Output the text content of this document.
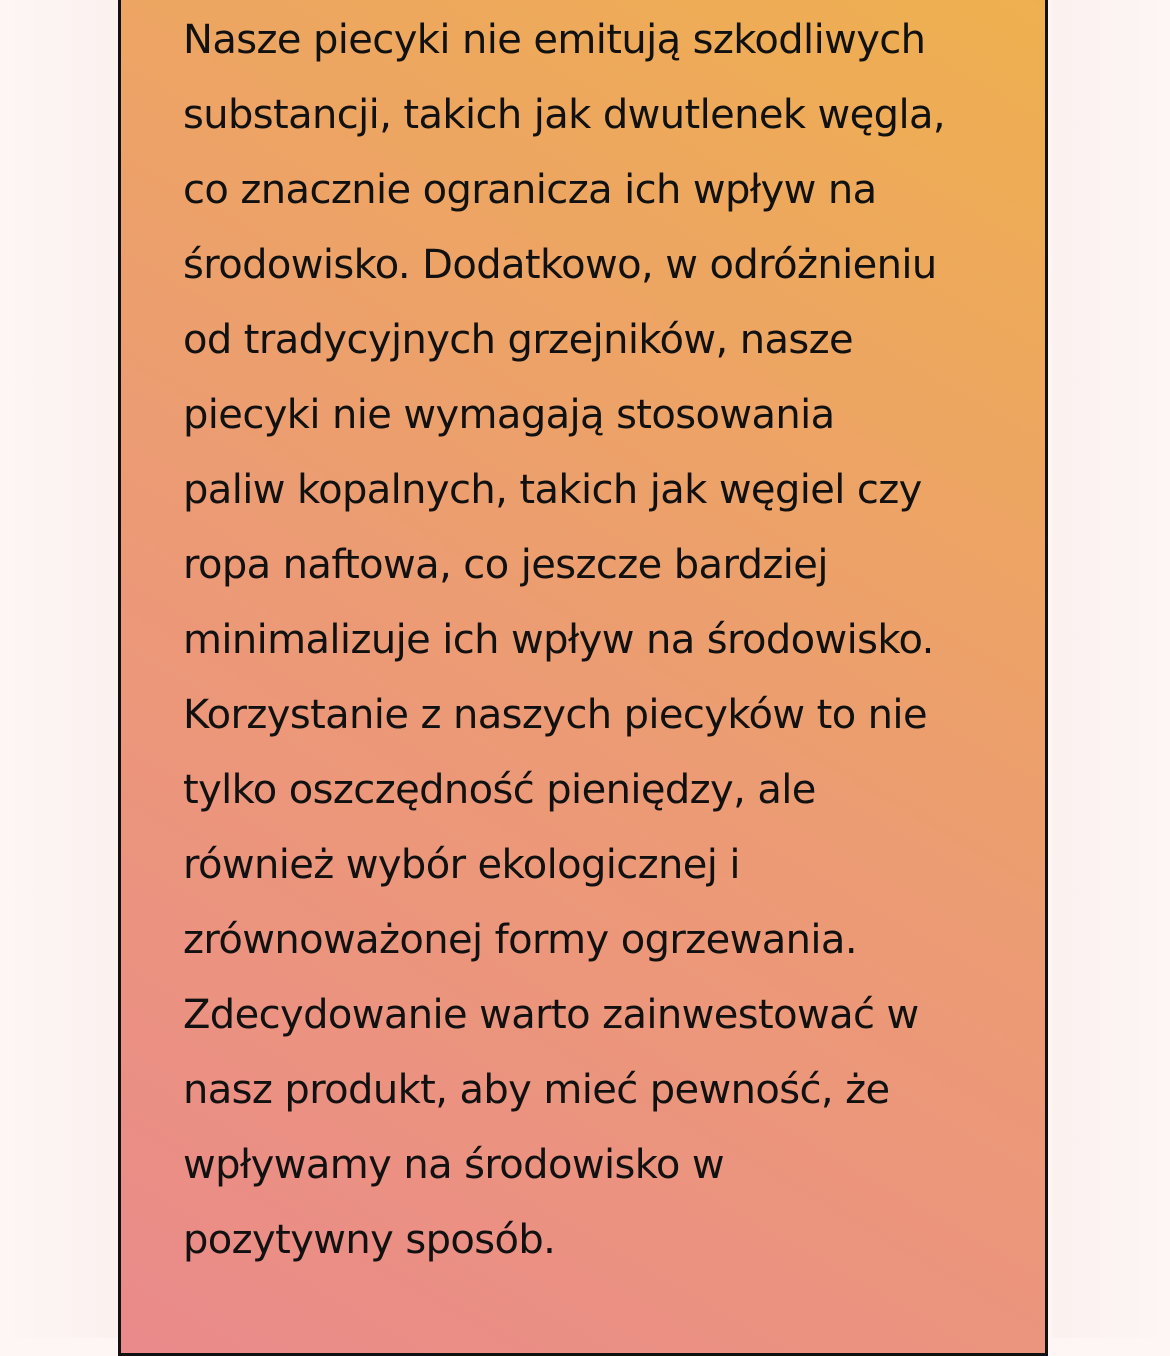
Nasze piecyki nie emitują szkodliwych
substancji, takich jak dwutlenek węgla,
co znacznie ogranicza ich wpływ na
środowisko. Dodatkowo, w odróżnieniu
od tradycyjnych grzejników, nasze
piecyki nie wymagają stosowania
paliw kopalnych, takich jak węgiel czy
ropa naftowa, co jeszcze bardziej
minimalizuje ich wpływ na środowisko.
Korzystanie z naszych piecyków to nie
tylko oszczędność pieniędzy, ale
również wybór ekologicznej i
zrównoważonej formy ogrzewania.
Zdecydowanie warto zainwestować w
nasz produkt, aby mieć pewność, że
wpływamy na środowisko w
pozytywny sposób.
